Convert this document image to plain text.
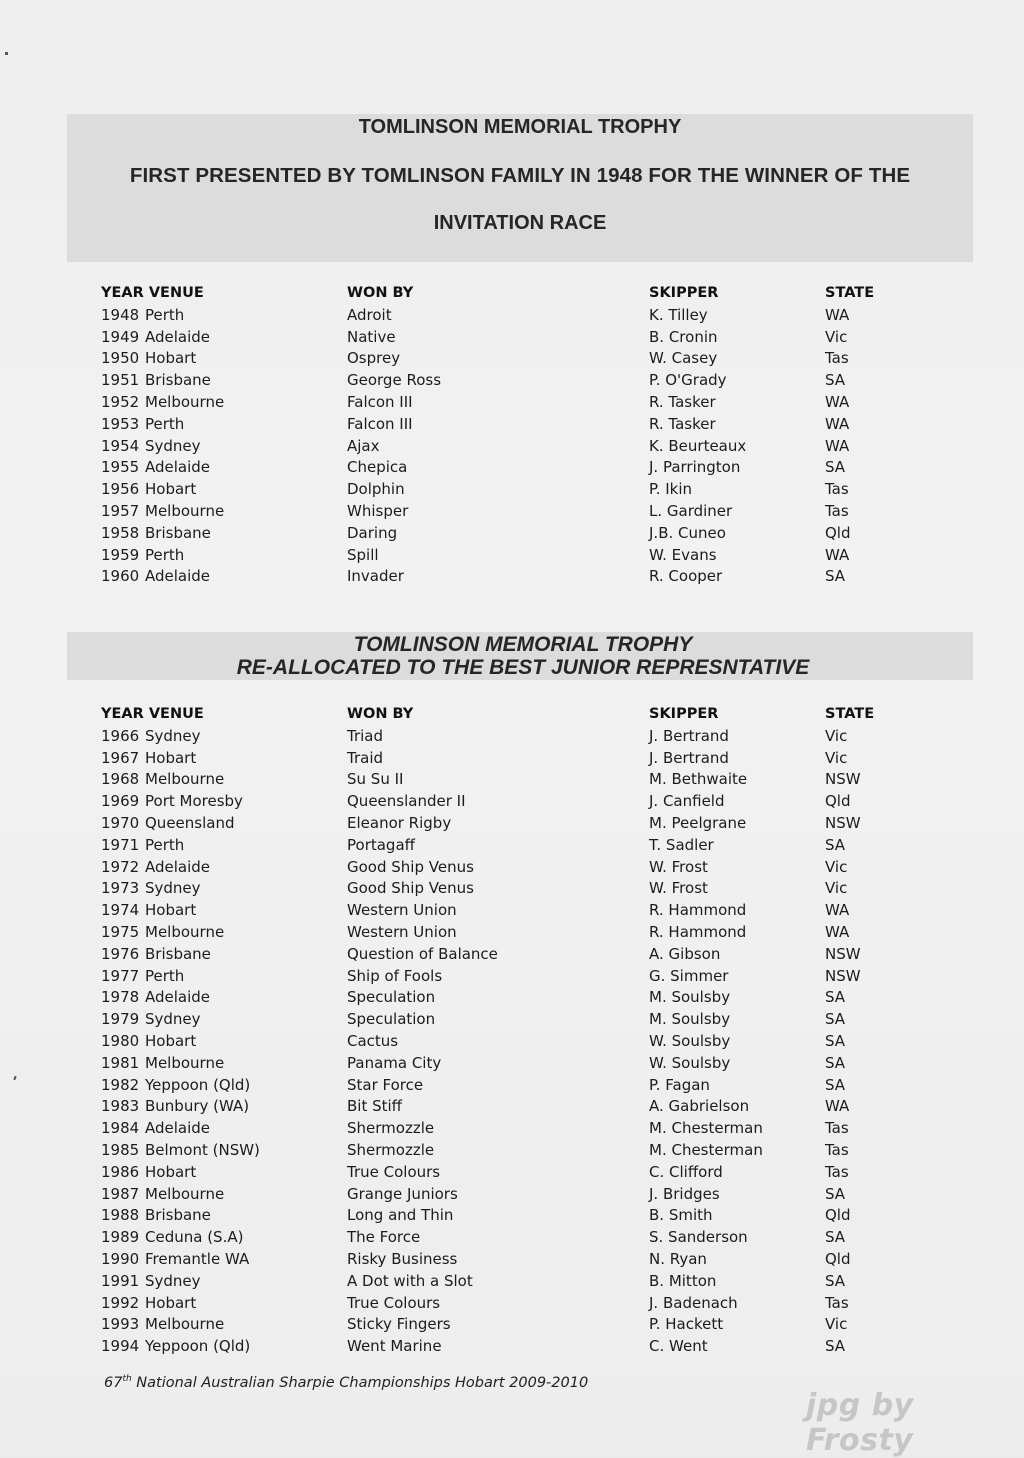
TOMLINSON MEMORIAL TROPHY
FIRST PRESENTED BY TOMLINSON FAMILY IN 1948 FOR THE WINNER OF THE
INVITATION RACE
YEAR VENUE	WON BY	SKIPPER	STATE
1948 Perth	Adroit	K. Tilley	WA
1949 Adelaide	Native	B. Cronin	Vic
1950 Hobart	Osprey	W. Casey	Tas
1951 Brisbane	George Ross	P. O'Grady	SA
1952 Melbourne	Falcon III	R. Tasker	WA
1953 Perth	Falcon III	R. Tasker	WA
1954 Sydney	Ajax	K. Beurteaux	WA
1955 Adelaide	Chepica	J. Parrington	SA
1956 Hobart	Dolphin	P. Ikin	Tas
1957 Melbourne	Whisper	L. Gardiner	Tas
1958 Brisbane	Daring	J.B. Cuneo	Qld
1959 Perth	Spill	W. Evans	WA
1960 Adelaide	Invader	R. Cooper	SA
TOMLINSON MEMORIAL TROPHY
RE-ALLOCATED TO THE BEST JUNIOR REPRESNTATIVE
YEAR VENUE	WON BY	SKIPPER	STATE
1966 Sydney	Triad	J. Bertrand	Vic
1967 Hobart	Traid	J. Bertrand	Vic
1968 Melbourne	Su Su II	M. Bethwaite	NSW
1969 Port Moresby	Queenslander II	J. Canfield	Qld
1970 Queensland	Eleanor Rigby	M. Peelgrane	NSW
1971 Perth	Portagaff	T. Sadler	SA
1972 Adelaide	Good Ship Venus	W. Frost	Vic
1973 Sydney	Good Ship Venus	W. Frost	Vic
1974 Hobart	Western Union	R. Hammond	WA
1975 Melbourne	Western Union	R. Hammond	WA
1976 Brisbane	Question of Balance	A. Gibson	NSW
1977 Perth	Ship of Fools	G. Simmer	NSW
1978 Adelaide	Speculation	M. Soulsby	SA
1979 Sydney	Speculation	M. Soulsby	SA
1980 Hobart	Cactus	W. Soulsby	SA
1981 Melbourne	Panama City	W. Soulsby	SA
1982 Yeppoon (Qld)	Star Force	P. Fagan	SA
1983 Bunbury (WA)	Bit Stiff	A. Gabrielson	WA
1984 Adelaide	Shermozzle	M. Chesterman	Tas
1985 Belmont (NSW)	Shermozzle	M. Chesterman	Tas
1986 Hobart	True Colours	C. Clifford	Tas
1987 Melbourne	Grange Juniors	J. Bridges	SA
1988 Brisbane	Long and Thin	B. Smith	Qld
1989 Ceduna (S.A)	The Force	S. Sanderson	SA
1990 Fremantle WA	Risky Business	N. Ryan	Qld
1991 Sydney	A Dot with a Slot	B. Mitton	SA
1992 Hobart	True Colours	J. Badenach	Tas
1993 Melbourne	Sticky Fingers	P. Hackett	Vic
1994 Yeppoon (Qld)	Went Marine	C. Went	SA
67th National Australian Sharpie Championships Hobart 2009-2010
jpg by Frosty
